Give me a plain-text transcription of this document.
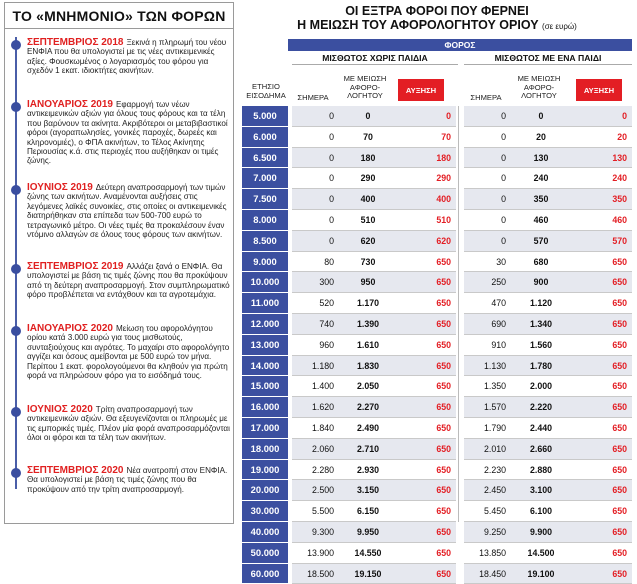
ΤΟ «ΜΝΗΜΟΝΙΟ» ΤΩΝ ΦΟΡΩΝ
ΣΕΠΤΕΜΒΡΙΟΣ 2018 Ξεκινά η πληρωμή του νέου ΕΝΦΙΑ που θα υπολογιστεί με τις νέες αντικειμενικές αξίες. Φουσκωμένος ο λογαριασμός του φόρου για σχεδόν 1 εκατ. ιδιοκτήτες ακινήτων.
ΙΑΝΟΥΑΡΙΟΣ 2019 Εφαρμογή των νέων αντικειμενικών αξιών για όλους τους φόρους και τα τέλη που βαρύνουν τα ακίνητα. Ακριβότεροι οι μεταβιβαστικοί φόροι (αγοραπωλησίες, γονικές παροχές, δωρεές και κληρονομιές), ο ΦΠΑ ακινήτων, το Τέλος Ακίνητης Περιουσίας κ.ά. στις περιοχές που αυξήθηκαν οι τιμές ζώνης.
ΙΟΥΝΙΟΣ 2019 Δεύτερη αναπροσαρμογή των τιμών ζώνης των ακινήτων. Αναμένονται αυξήσεις στις λεγόμενες λαϊκές συνοικίες, στις οποίες οι αντικειμενικές διατηρήθηκαν στα επίπεδα των 500-700 ευρώ το τετραγωνικό μέτρο. Οι νέες τιμές θα προκαλέσουν έναν ντόμινο αλλαγών σε όλους τους φόρους των ακινήτων.
ΣΕΠΤΕΜΒΡΙΟΣ 2019 Αλλάζει ξανά ο ΕΝΦΙΑ. Θα υπολογιστεί με βάση τις τιμές ζώνης που θα προκύψουν από τη δεύτερη αναπροσαρμογή. Στον συμπληρωματικό φόρο προβλέπεται να εντάχθουν και τα αγροτεμάχια.
ΙΑΝΟΥΑΡΙΟΣ 2020 Μείωση του αφορολόγητου ορίου κατά 3.000 ευρώ για τους μισθωτούς, συνταξιούχους και αγρότες. Το μαχαίρι στο αφορολόγητο αγγίζει και όσους αμείβονται με 500 ευρώ τον μήνα. Περίπου 1 εκατ. φορολογούμενοι θα κληθούν για πρώτη φορά να πληρώσουν φόρο για το εισόδημά τους.
ΙΟΥΝΙΟΣ 2020 Τρίτη αναπροσαρμογή των αντικειμενικών αξιών. Θα εξευγενίζονται οι πληρωμές με τις εμπορικές τιμές. Πλέον μία φορά αναπροσαρμόζονται όλοι οι φόροι και τα τέλη των ακινήτων.
ΣΕΠΤΕΜΒΡΙΟΣ 2020 Νέα ανατροπή στον ΕΝΦΙΑ. Θα υπολογιστεί με βάση τις τιμές ζώνης που θα προκύψουν από την τρίτη αναπροσαρμογή.
ΟΙ ΕΞΤΡΑ ΦΟΡΟΙ ΠΟΥ ΦΕΡΝΕΙ
Η ΜΕΙΩΣΗ ΤΟΥ ΑΦΟΡΟΛΟΓΗΤΟΥ ΟΡΙΟΥ (σε ευρώ)
ΦΟΡΟΣ
ΜΙΣΘΩΤΟΣ ΧΩΡΙΣ ΠΑΙΔΙΑ	ΜΙΣΘΩΤΟΣ ΜΕ ΕΝΑ ΠΑΙΔΙ
ΕΤΗΣΙΟ ΕΙΣΟΔΗΜΑ	ΣΗΜΕΡΑ
ΜΕ ΜΕΙΩΣΗ ΑΦΟΡΟ-ΛΟΓΗΤΟΥ
ΑΥΞΗΣΗ
ΣΗΜΕΡΑ
ΜΕ ΜΕΙΩΣΗ ΑΦΟΡΟ-ΛΟΓΗΤΟΥ
ΑΥΞΗΣΗ
5.000	0	0	0	0	0	0
6.000	0	70	70	0	20	20
6.500	0	180	180	0	130	130
7.000	0	290	290	0	240	240
7.500	0	400	400	0	350	350
8.000	0	510	510	0	460	460
8.500	0	620	620	0	570	570
9.000	80	730	650	30	680	650
10.000	300	950	650	250	900	650
11.000	520	1.170	650	470	1.120	650
12.000	740	1.390	650	690	1.340	650
13.000	960	1.610	650	910	1.560	650
14.000	1.180	1.830	650	1.130	1.780	650
15.000	1.400	2.050	650	1.350	2.000	650
16.000	1.620	2.270	650	1.570	2.220	650
17.000	1.840	2.490	650	1.790	2.440	650
18.000	2.060	2.710	650	2.010	2.660	650
19.000	2.280	2.930	650	2.230	2.880	650
20.000	2.500	3.150	650	2.450	3.100	650
30.000	5.500	6.150	650	5.450	6.100	650
40.000	9.300	9.950	650	9.250	9.900	650
50.000	13.900	14.550	650	13.850	14.500	650
60.000	18.500	19.150	650	18.450	19.100	650
